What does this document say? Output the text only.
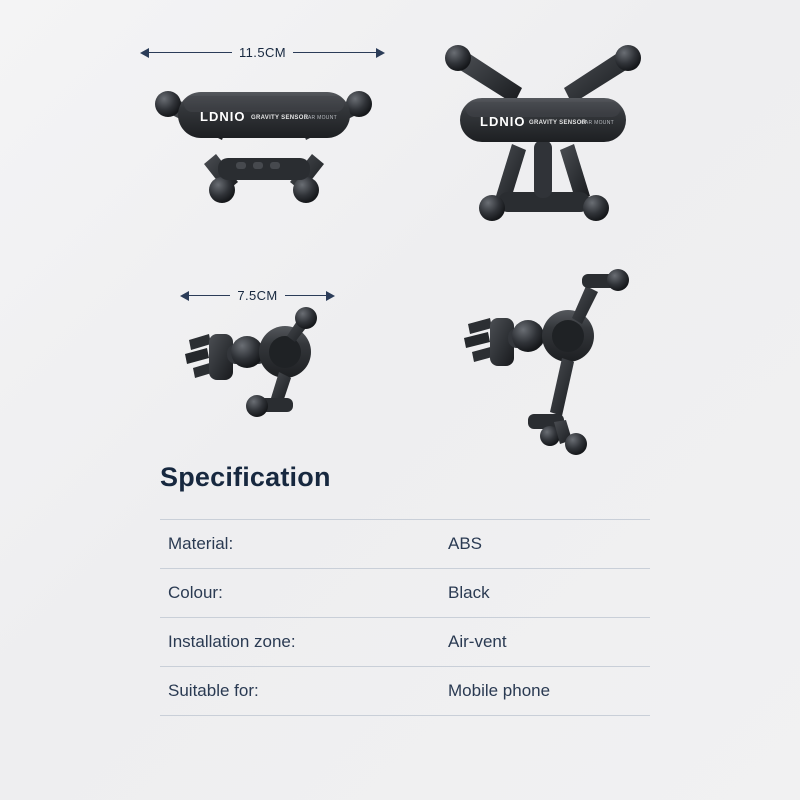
11.5CM
7.5CM
LDNIO GRAVITY SENSOR
CAR MOUNT	LDNIO GRAVITY SENSOR
CAR MOUNT
Specification
Material:	ABS
Colour:	Black
Installation zone:	Air-vent
Suitable for:	Mobile phone
